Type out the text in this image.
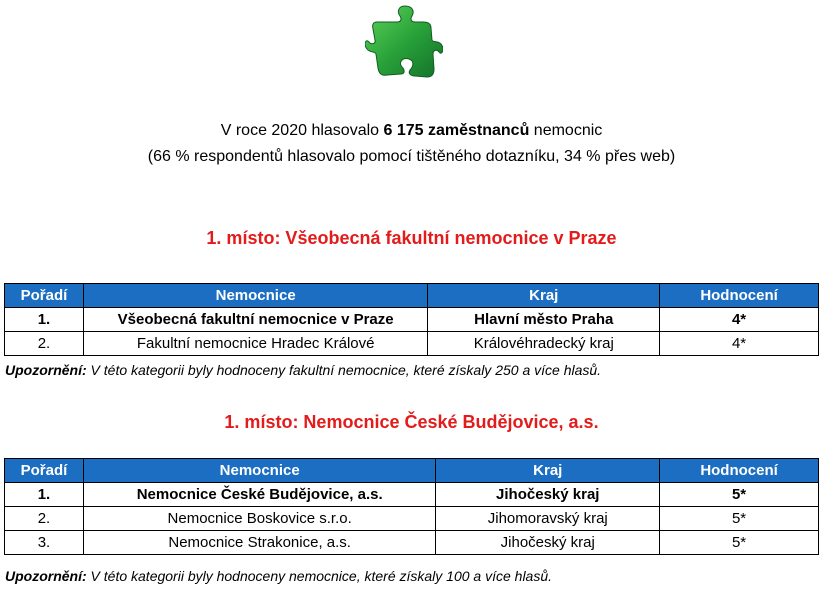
V roce 2020 hlasovalo 6 175 zaměstnanců nemocnic
(66 % respondentů hlasovalo pomocí tištěného dotazníku, 34 % přes web)
1. místo: Všeobecná fakultní nemocnice v Praze
Pořadí	Nemocnice	Kraj	Hodnocení
1.	Všeobecná fakultní nemocnice v Praze	Hlavní město Praha	4*
2.	Fakultní nemocnice Hradec Králové	Královéhradecký kraj	4*
Upozornění: V této kategorii byly hodnoceny fakultní nemocnice, které získaly 250 a více hlasů.
1. místo: Nemocnice České Budějovice, a.s.
Pořadí	Nemocnice	Kraj	Hodnocení
1.	Nemocnice České Budějovice, a.s.	Jihočeský kraj	5*
2.	Nemocnice Boskovice s.r.o.	Jihomoravský kraj	5*
3.	Nemocnice Strakonice, a.s.	Jihočeský kraj	5*
Upozornění: V této kategorii byly hodnoceny nemocnice, které získaly 100 a více hlasů.
